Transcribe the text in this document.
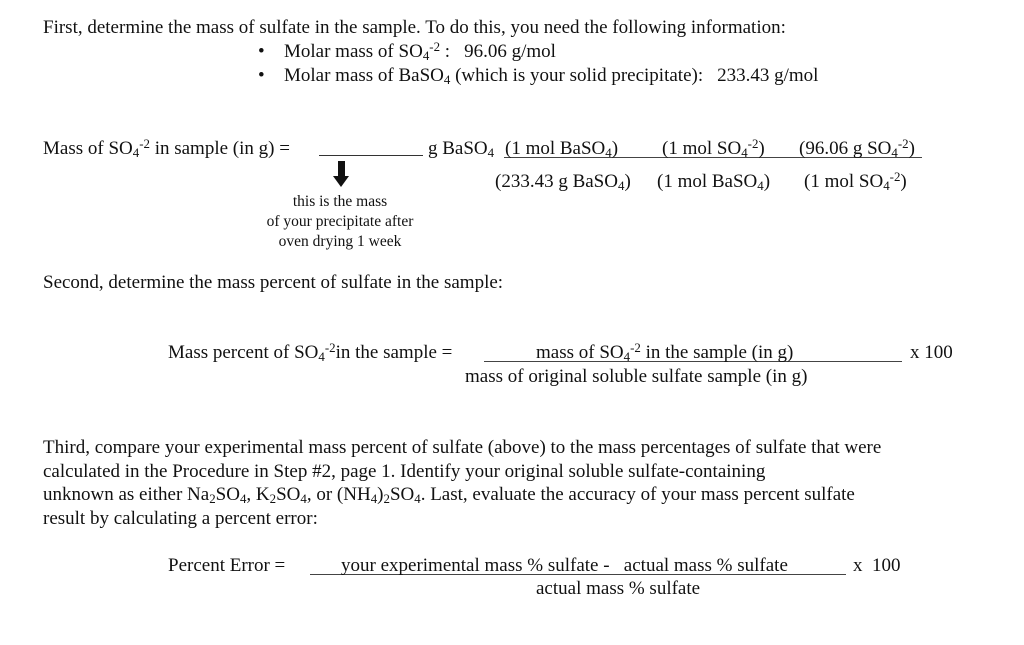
First, determine the mass of sulfate in the sample. To do this, you need the following information:
• Molar mass of $SO_4^{-2}$ : 96.06 g/mol
• Molar mass of BaSO$_4$ (which is your solid precipitate): 233.43 g/mol
Mass of $SO_4^{-2}$ in sample (in g) =	g BaSO$_4$ (1 mol BaSO$_4$) (1 mol $SO_4^{-2}$) (96.06 g $SO_4^{-2}$)
(233.43 g BaSO$_4$) (1 mol BaSO$_4$) (1 mol $SO_4^{-2}$)
this is the mass
of your precipitate after
oven drying 1 week
Second, determine the mass percent of sulfate in the sample:
Mass percent of $SO_4^{-2}in$ the sample =	mass of $SO_4^{-2}$ in the sample (in g)
mass of original soluble sulfate sample (in g)
x 100
Third, compare your experimental mass percent of sulfate (above) to the mass percentages of sulfate that were
calculated in the Procedure in Step #2, page 1. Identify your original soluble sulfate-containing
unknown as either $Na_2SO_4$, $K_2SO_4$, or $(NH_4)_2SO_4$. Last, evaluate the accuracy of your mass percent sulfate
result by calculating a percent error:
Percent Error =	your experimental mass % sulfate -   actual mass % sulfate
actual mass % sulfate
x  100
